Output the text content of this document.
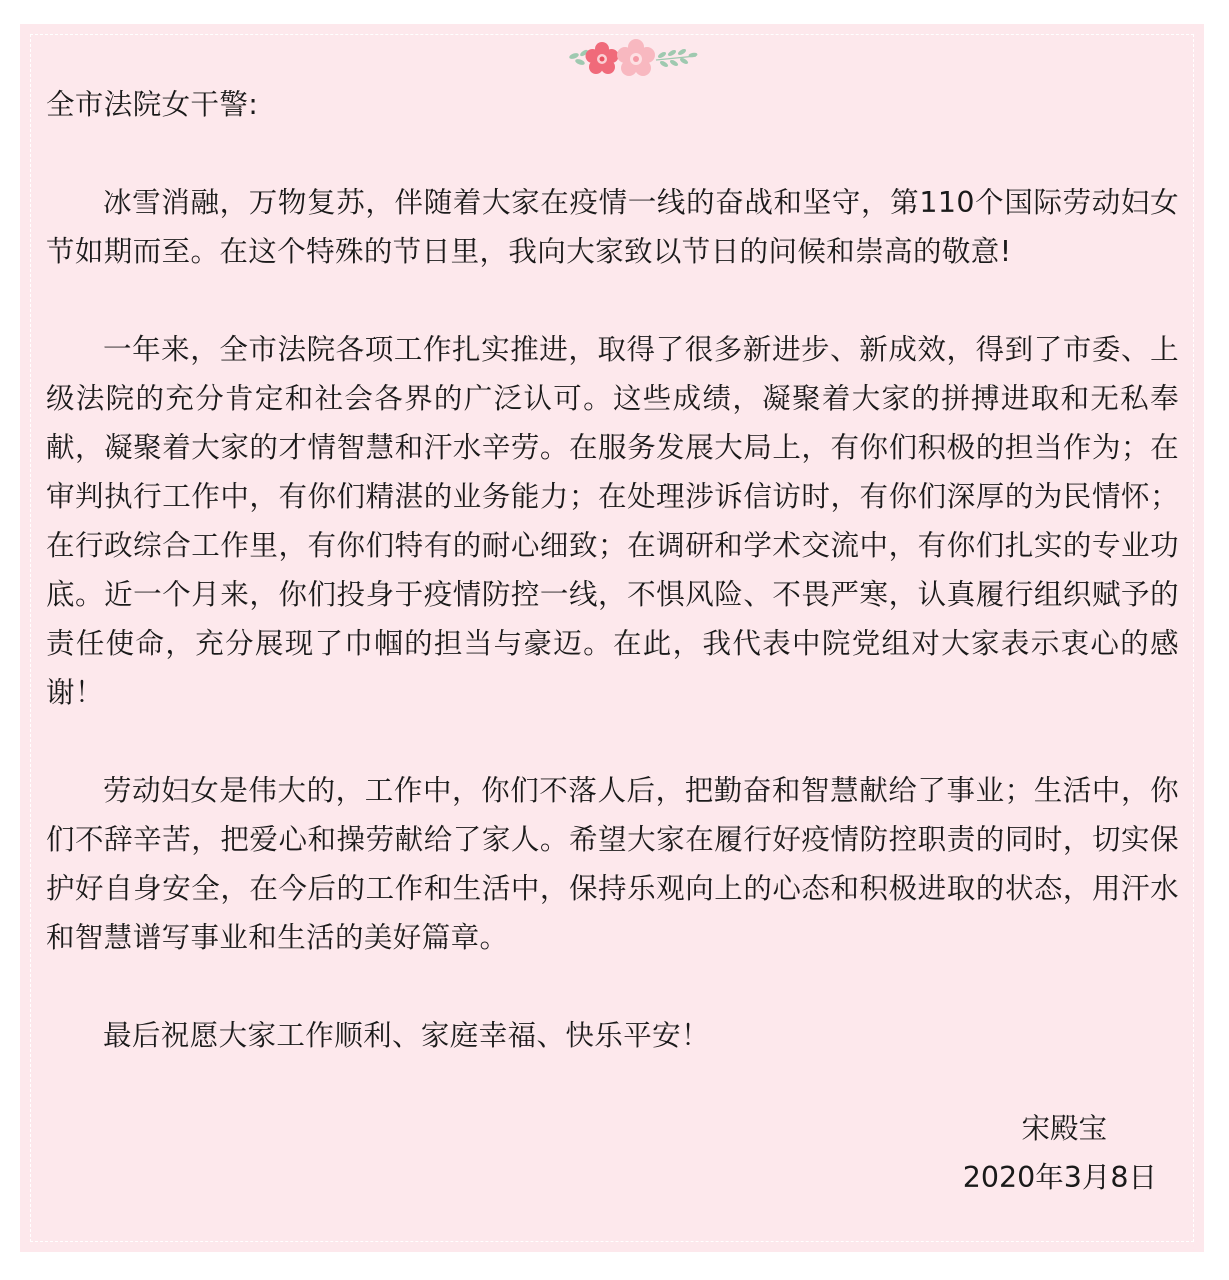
全市法院女干警:

冰雪消融，万物复苏，伴随着大家在疫情一线的奋战和坚守，第110个国际劳动妇女节如期而至。在这个特殊的节日里，我向大家致以节日的问候和崇高的敬意!

一年来，全市法院各项工作扎实推进，取得了很多新进步、新成效，得到了市委、上级法院的充分肯定和社会各界的广泛认可。这些成绩，凝聚着大家的拼搏进取和无私奉献，凝聚着大家的才情智慧和汗水辛劳。在服务发展大局上，有你们积极的担当作为；在审判执行工作中，有你们精湛的业务能力；在处理涉诉信访时，有你们深厚的为民情怀；在行政综合工作里，有你们特有的耐心细致；在调研和学术交流中，有你们扎实的专业功底。近一个月来，你们投身于疫情防控一线，不惧风险、不畏严寒，认真履行组织赋予的责任使命，充分展现了巾帼的担当与豪迈。在此，我代表中院党组对大家表示衷心的感谢！

劳动妇女是伟大的，工作中，你们不落人后，把勤奋和智慧献给了事业；生活中，你们不辞辛苦，把爱心和操劳献给了家人。希望大家在履行好疫情防控职责的同时，切实保护好自身安全，在今后的工作和生活中，保持乐观向上的心态和积极进取的状态，用汗水和智慧谱写事业和生活的美好篇章。

最后祝愿大家工作顺利、家庭幸福、快乐平安！

宋殿宝
2020年3月8日
